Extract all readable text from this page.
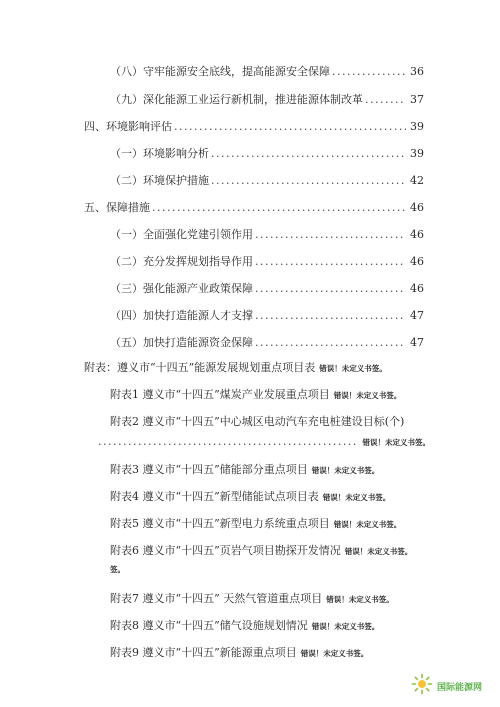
（八）守牢能源安全底线，提高能源安全保障 .....	36
（九）深化能源工业运行新机制，推进能源体制改革 .....	37
四、环境影响评估 .....	39
（一）环境影响分析 .....	39
（二）环境保护措施 .....	42
五、保障措施 .....	46
（一）全面强化党建引领作用 .....	46
（二）充分发挥规划指导作用 .....	46
（三）强化能源产业政策保障 .....	46
（四）加快打造能源人才支撑 .....	47
（五）加快打造能源资金保障 .....	47
附表：遵义市“十四五”能源发展规划重点项目表 错误！未定义书签。
附表1 遵义市“十四五”煤炭产业发展重点项目 错误！未定义书签。
附表2 遵义市“十四五”中心城区电动汽车充电桩建设目标(个)
.....
错误！未定义书签。
附表3 遵义市“十四五”储能部分重点项目 错误！未定义书签。
附表4 遵义市“十四五”新型储能试点项目表 错误！未定义书签。
附表5 遵义市“十四五”新型电力系统重点项目 错误！未定义书签。
附表6 遵义市“十四五”页岩气项目勘探开发情况 错误！未定义书签。
签。
附表7 遵义市“十四五” 天然气管道重点项目 错误！未定义书签。
附表8 遵义市“十四五”储气设施规划情况 错误！未定义书签。
附表9 遵义市“十四五”新能源重点项目 错误！未定义书签。
国际能源网
